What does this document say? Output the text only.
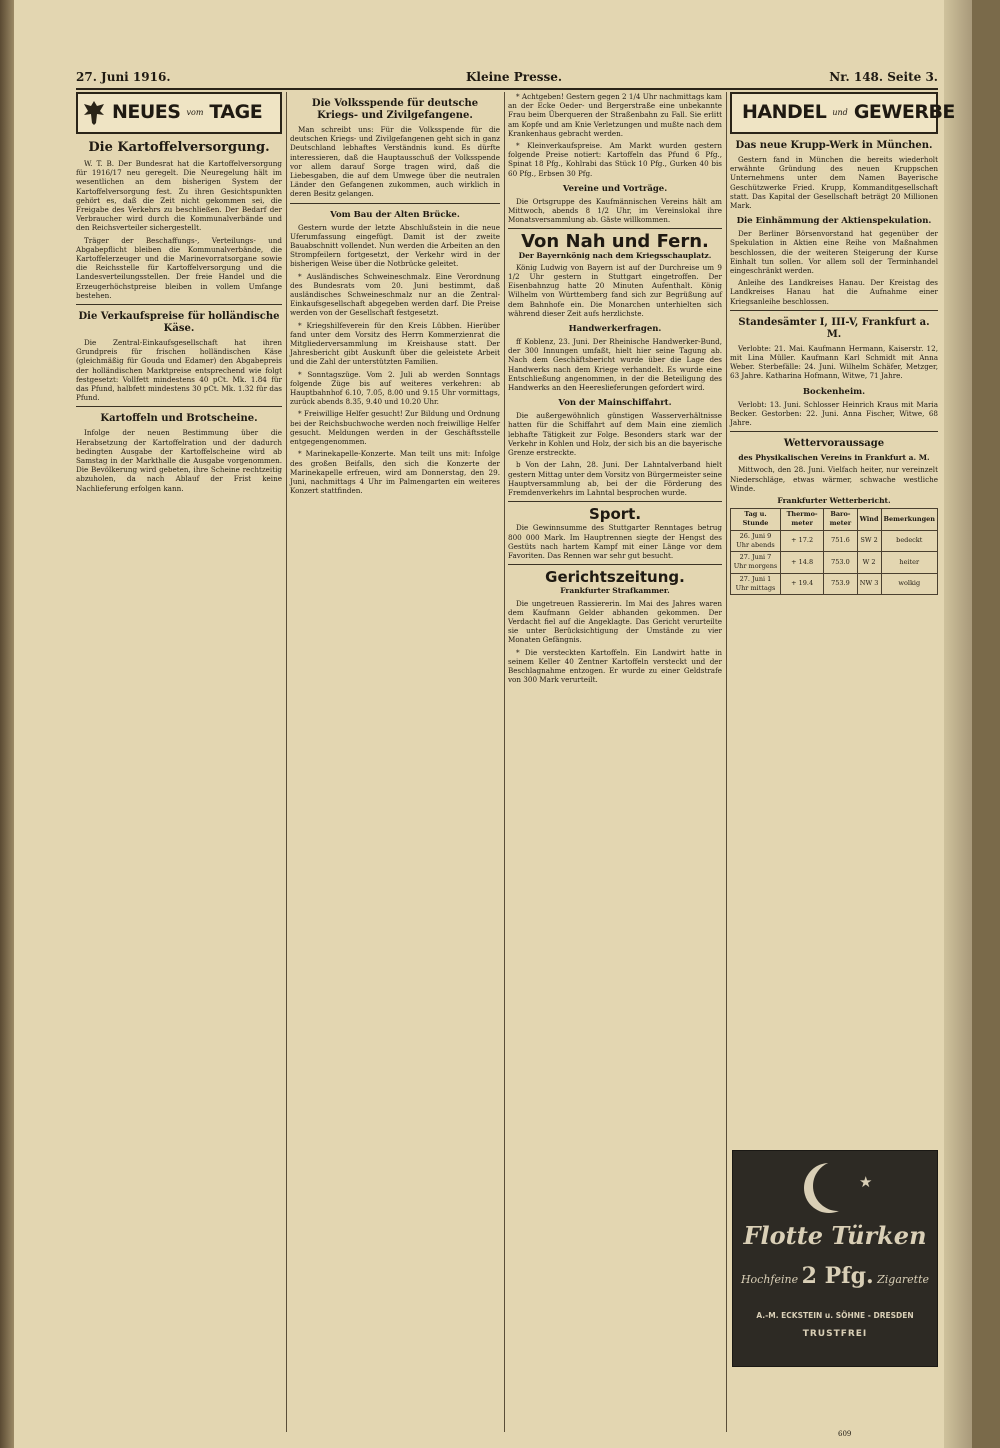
27. Juni 1916.	Kleine Presse.	Nr. 148. Seite 3.
NEUES vom TAGE
Die Kartoffelversorgung.

W. T. B. Der Bundesrat hat die Kartoffelversorgung für 1916/17 neu geregelt. Die Neuregelung hält im wesentlichen an dem bisherigen System der Kartoffelversorgung fest. Zu ihren Gesichtspunkten gehört es, daß die Zeit nicht gekommen sei, die Freigabe des Verkehrs zu beschließen. Der Bedarf der Verbraucher wird durch die Kommunalverbände und den Reichsverteiler sichergestellt.

Träger der Beschaffungs-, Verteilungs- und Abgabepflicht bleiben die Kommunalverbände, die Kartoffelerzeuger und die Marinevorratsorgane sowie die Reichsstelle für Kartoffelversorgung und die Landesverteilungsstellen. Der freie Handel und die Erzeugerhöchstpreise bleiben in vollem Umfange bestehen.

Die Verkaufspreise für holländische Käse.

Die Zentral-Einkaufsgesellschaft hat ihren Grundpreis für frischen holländischen Käse (gleichmäßig für Gouda und Edamer) den Abgabepreis der holländischen Marktpreise entsprechend wie folgt festgesetzt: Vollfett mindestens 40 pCt. Mk. 1.84 für das Pfund, halbfett mindestens 30 pCt. Mk. 1.32 für das Pfund.

Kartoffeln und Brotscheine.

Infolge der neuen Bestimmung über die Herabsetzung der Kartoffelration und der dadurch bedingten Ausgabe der Kartoffelscheine wird ab Samstag in der Markthalle die Ausgabe vorgenommen. Die Bevölkerung wird gebeten, ihre Scheine rechtzeitig abzuholen, da nach Ablauf der Frist keine Nachlieferung erfolgen kann.

Die Volksspende für deutsche Kriegs- und Zivilgefangene.

Man schreibt uns: Für die Volksspende für die deutschen Kriegs- und Zivilgefangenen geht sich in ganz Deutschland lebhaftes Verständnis kund. Es dürfte interessieren, daß die Hauptausschuß der Volksspende vor allem darauf Sorge tragen wird, daß die Liebesgaben, die auf dem Umwege über die neutralen Länder den Gefangenen zukommen, auch wirklich in deren Besitz gelangen.

Vom Bau der Alten Brücke.

Gestern wurde der letzte Abschlußstein in die neue Uferumfassung eingefügt. Damit ist der zweite Bauabschnitt vollendet. Nun werden die Arbeiten an den Strompfeilern fortgesetzt, der Verkehr wird in der bisherigen Weise über die Notbrücke geleitet.

* Ausländisches Schweineschmalz. Eine Verordnung des Bundesrats vom 20. Juni bestimmt, daß ausländisches Schweineschmalz nur an die Zentral-Einkaufsgesellschaft abgegeben werden darf. Die Preise werden von der Gesellschaft festgesetzt.

* Kriegshilfeverein für den Kreis Lübben. Hierüber fand unter dem Vorsitz des Herrn Kommerzienrat die Mitgliederversammlung im Kreishause statt. Der Jahresbericht gibt Auskunft über die geleistete Arbeit und die Zahl der unterstützten Familien.

* Sonntagszüge. Vom 2. Juli ab werden Sonntags folgende Züge bis auf weiteres verkehren: ab Hauptbahnhof 6.10, 7.05, 8.00 und 9.15 Uhr vormittags, zurück abends 8.35, 9.40 und 10.20 Uhr.

* Freiwillige Helfer gesucht! Zur Bildung und Ordnung bei der Reichsbuchwoche werden noch freiwillige Helfer gesucht. Meldungen werden in der Geschäftsstelle entgegengenommen.

* Marinekapelle-Konzerte. Man teilt uns mit: Infolge des großen Beifalls, den sich die Konzerte der Marinekapelle erfreuen, wird am Donnerstag, den 29. Juni, nachmittags 4 Uhr im Palmengarten ein weiteres Konzert stattfinden.

* Achtgeben! Gestern gegen 2 1/4 Uhr nachmittags kam an der Ecke Oeder- und Bergerstraße eine unbekannte Frau beim Überqueren der Straßenbahn zu Fall. Sie erlitt am Kopfe und am Knie Verletzungen und mußte nach dem Krankenhaus gebracht werden.

* Kleinverkaufspreise. Am Markt wurden gestern folgende Preise notiert: Kartoffeln das Pfund 6 Pfg., Spinat 18 Pfg., Kohlrabi das Stück 10 Pfg., Gurken 40 bis 60 Pfg., Erbsen 30 Pfg.

Vereine und Vorträge.

Die Ortsgruppe des Kaufmännischen Vereins hält am Mittwoch, abends 8 1/2 Uhr, im Vereinslokal ihre Monatsversammlung ab. Gäste willkommen.

Von Nah und Fern.
Der Bayernkönig nach dem Kriegsschauplatz.

König Ludwig von Bayern ist auf der Durchreise um 9 1/2 Uhr gestern in Stuttgart eingetroffen. Der Eisenbahnzug hatte 20 Minuten Aufenthalt. König Wilhelm von Württemberg fand sich zur Begrüßung auf dem Bahnhofe ein. Die Monarchen unterhielten sich während dieser Zeit aufs herzlichste.

Handwerkerfragen.

ff Koblenz, 23. Juni. Der Rheinische Handwerker-Bund, der 300 Innungen umfaßt, hielt hier seine Tagung ab. Nach dem Geschäftsbericht wurde über die Lage des Handwerks nach dem Kriege verhandelt. Es wurde eine Entschließung angenommen, in der die Beteiligung des Handwerks an den Heereslieferungen gefordert wird.

Von der Mainschiffahrt.

Die außergewöhnlich günstigen Wasserverhältnisse hatten für die Schiffahrt auf dem Main eine ziemlich lebhafte Tätigkeit zur Folge. Besonders stark war der Verkehr in Kohlen und Holz, der sich bis an die bayerische Grenze erstreckte.

b Von der Lahn, 28. Juni. Der Lahntalverband hielt gestern Mittag unter dem Vorsitz von Bürgermeister seine Hauptversammlung ab, bei der die Förderung des Fremdenverkehrs im Lahntal besprochen wurde.

Sport.

Die Gewinnsumme des Stuttgarter Renntages betrug 800 000 Mark. Im Hauptrennen siegte der Hengst des Gestüts nach hartem Kampf mit einer Länge vor dem Favoriten. Das Rennen war sehr gut besucht.

Gerichtszeitung.
Frankfurter Strafkammer.

Die ungetreuen Rassiererin. Im Mai des Jahres waren dem Kaufmann Gelder abhanden gekommen. Der Verdacht fiel auf die Angeklagte. Das Gericht verurteilte sie unter Berücksichtigung der Umstände zu vier Monaten Gefängnis.

* Die versteckten Kartoffeln. Ein Landwirt hatte in seinem Keller 40 Zentner Kartoffeln versteckt und der Beschlagnahme entzogen. Er wurde zu einer Geldstrafe von 300 Mark verurteilt.

HANDEL und GEWERBE
Das neue Krupp-Werk in München.

Gestern fand in München die bereits wiederholt erwähnte Gründung des neuen Kruppschen Unternehmens unter dem Namen Bayerische Geschützwerke Fried. Krupp, Kommanditgesellschaft statt. Das Kapital der Gesellschaft beträgt 20 Millionen Mark.

Die Einhämmung der Aktienspekulation.

Der Berliner Börsenvorstand hat gegenüber der Spekulation in Aktien eine Reihe von Maßnahmen beschlossen, die der weiteren Steigerung der Kurse Einhalt tun sollen. Vor allem soll der Terminhandel eingeschränkt werden.

Anleihe des Landkreises Hanau. Der Kreistag des Landkreises Hanau hat die Aufnahme einer Kriegsanleihe beschlossen.

Standesämter I, III-V, Frankfurt a. M.

Verlobte: 21. Mai. Kaufmann Hermann, Kaiserstr. 12, mit Lina Müller. Kaufmann Karl Schmidt mit Anna Weber. Sterbefälle: 24. Juni. Wilhelm Schäfer, Metzger, 63 Jahre. Katharina Hofmann, Witwe, 71 Jahre.

Bockenheim.

Verlobt: 13. Juni. Schlosser Heinrich Kraus mit Maria Becker. Gestorben: 22. Juni. Anna Fischer, Witwe, 68 Jahre.

Wettervoraussage
des Physikalischen Vereins in Frankfurt a. M.

Mittwoch, den 28. Juni. Vielfach heiter, nur vereinzelt Niederschläge, etwas wärmer, schwache westliche Winde.

Frankfurter Wetterbericht.
Tag u. Stunde	Thermo-meter	Baro-meter	Wind	Bemerkungen
26. Juni 9 Uhr abends	+ 17.2	751.6	SW 2	bedeckt
27. Juni 7 Uhr morgens	+ 14.8	753.0	W 2	heiter
27. Juni 1 Uhr mittags	+ 19.4	753.9	NW 3	wolkig
★
Flotte Türken
Hochfeine 2 Pfg. Zigarette
A.-M. ECKSTEIN u. SÖHNE - DRESDEN
TRUSTFREI
609
